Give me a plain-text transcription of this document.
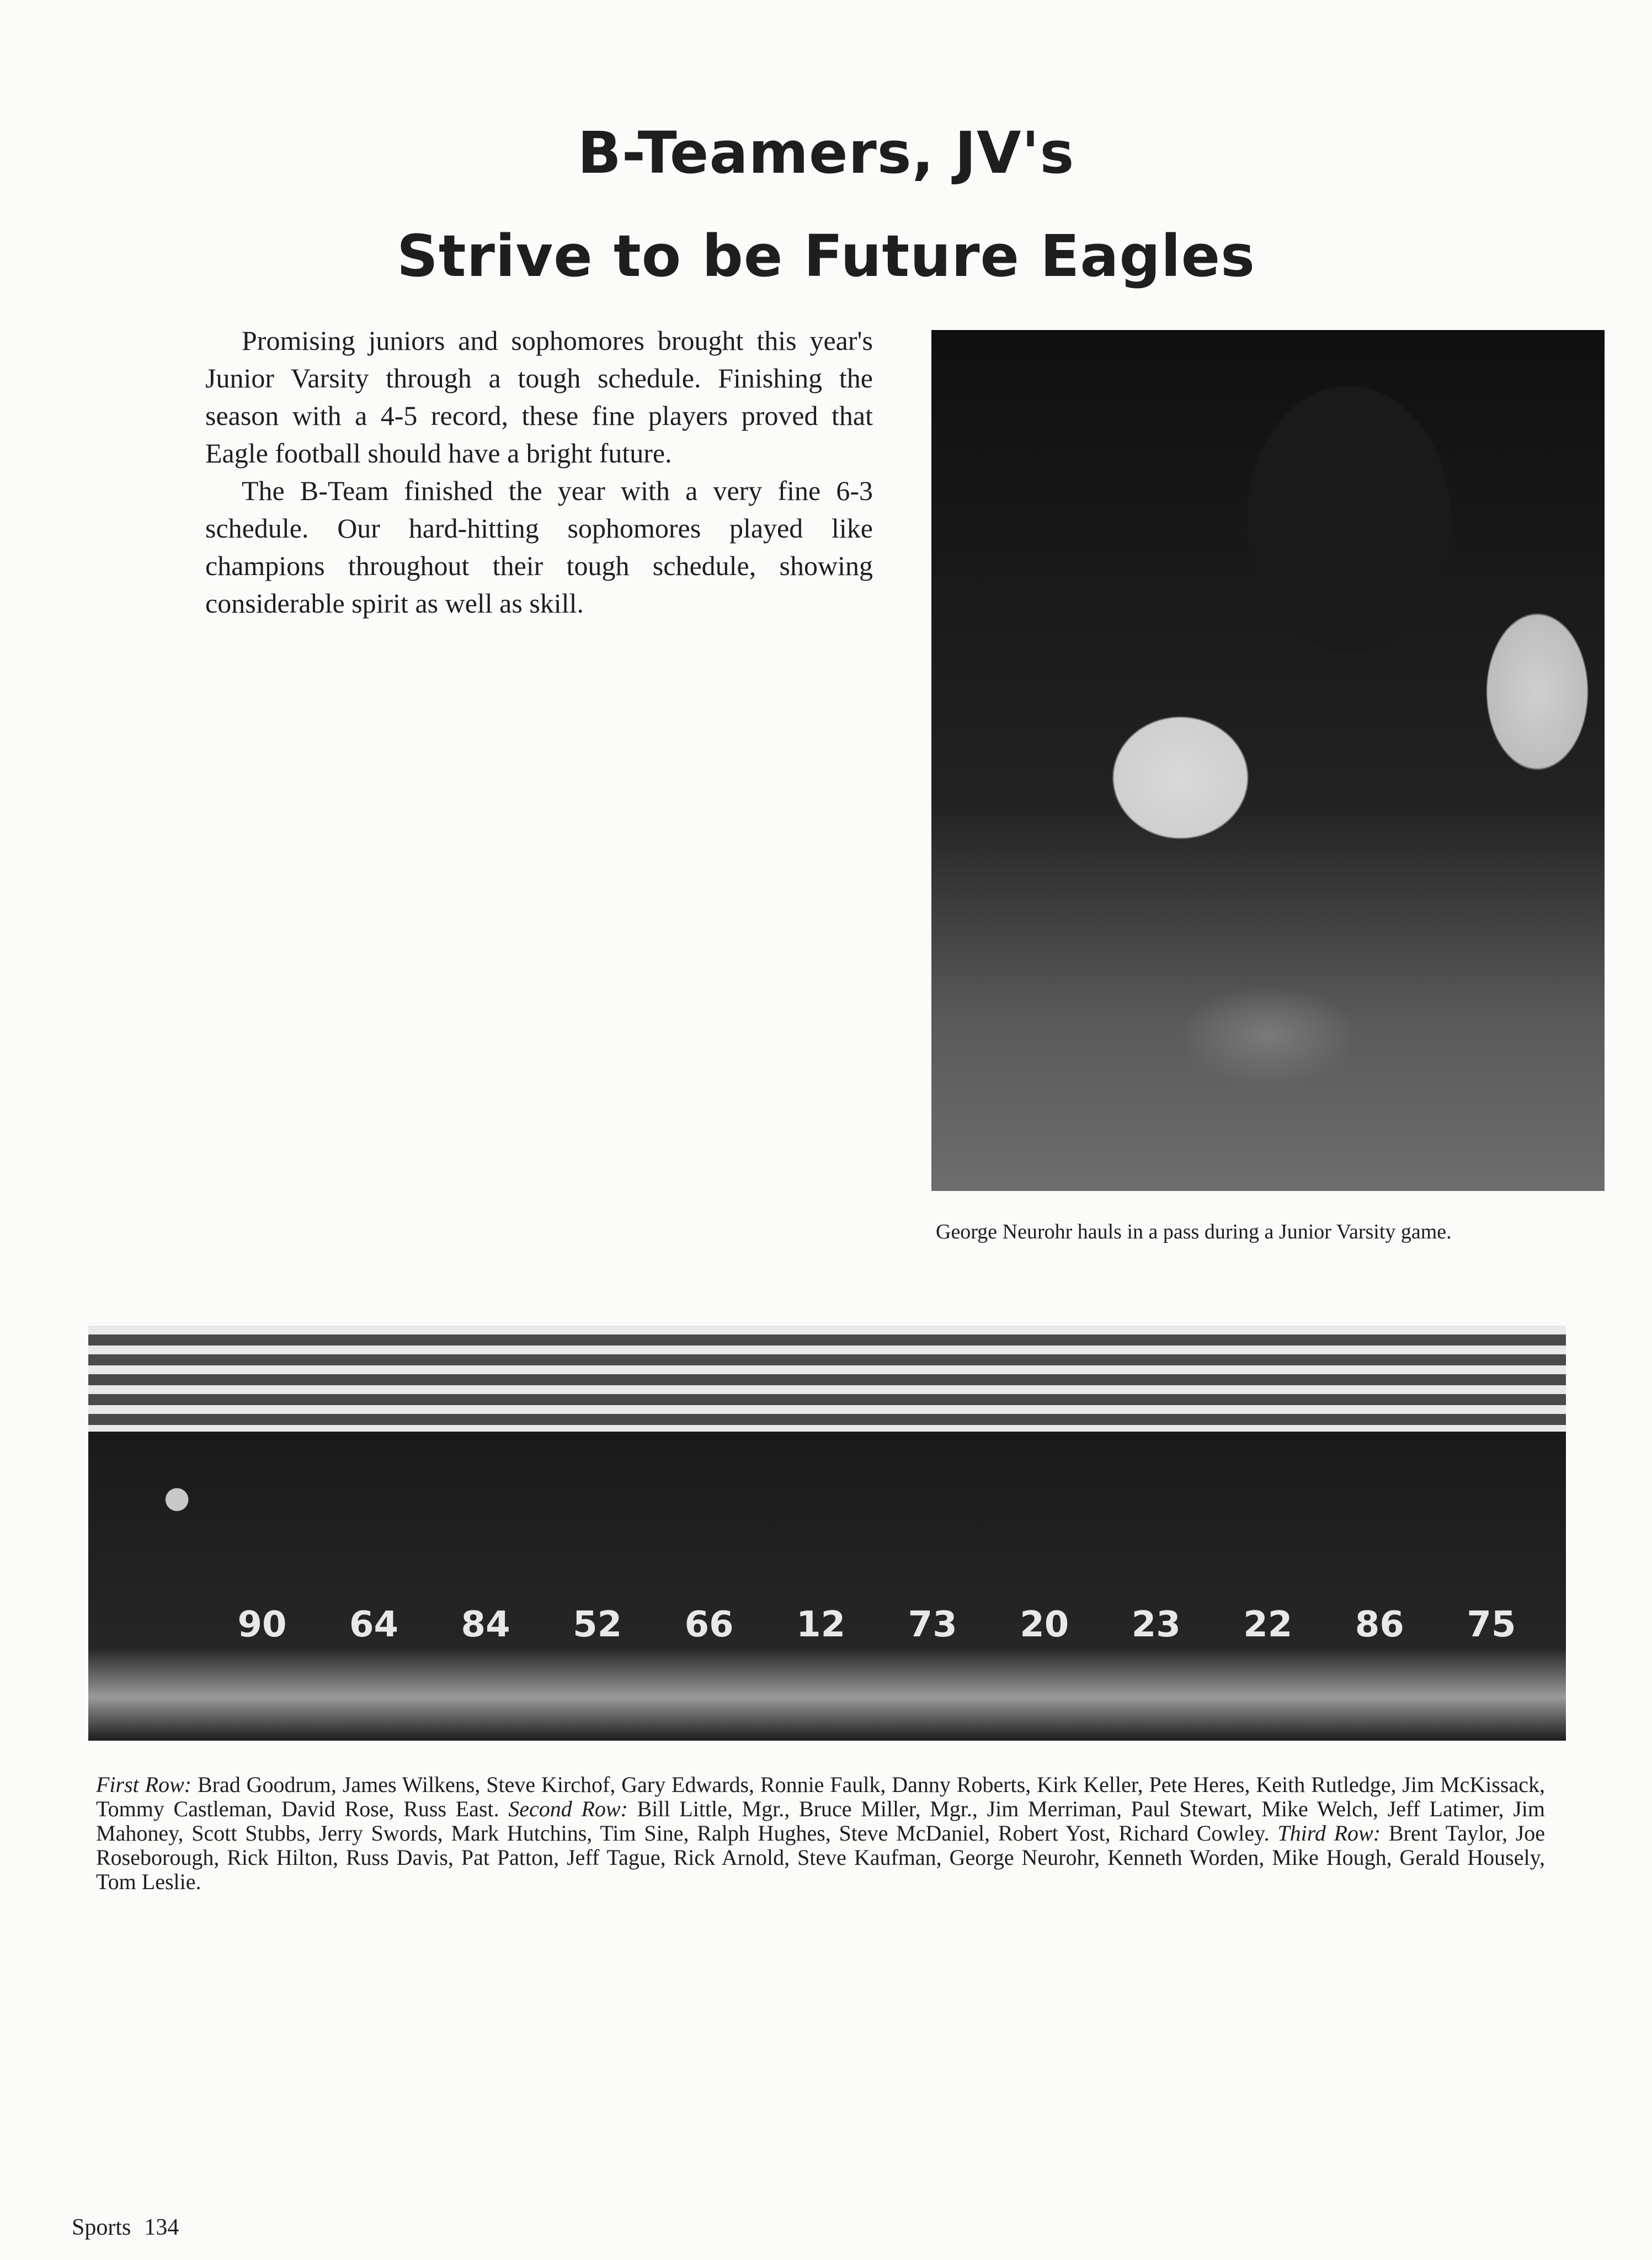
B-Teamers, JV's
Strive to be Future Eagles

Promising juniors and sophomores brought this year's Junior Varsity through a tough schedule. Finishing the season with a 4-5 record, these fine players proved that Eagle football should have a bright future.

The B-Team finished the year with a very fine 6-3 schedule. Our hard-hitting sophomores played like champions throughout their tough schedule, showing considerable spirit as well as skill.

George Neurohr hauls in a pass during a Junior Varsity game.

90	64	84	52	66	12	73	20	23	22	86	75

First Row: Brad Goodrum, James Wilkens, Steve Kirchof, Gary Edwards, Ronnie Faulk, Danny Roberts, Kirk Keller, Pete Heres, Keith Rutledge, Jim McKissack, Tommy Castleman, David Rose, Russ East. Second Row: Bill Little, Mgr., Bruce Miller, Mgr., Jim Merriman, Paul Stewart, Mike Welch, Jeff Latimer, Jim Mahoney, Scott Stubbs, Jerry Swords, Mark Hutchins, Tim Sine, Ralph Hughes, Steve McDaniel, Robert Yost, Richard Cowley. Third Row: Brent Taylor, Joe Roseborough, Rick Hilton, Russ Davis, Pat Patton, Jeff Tague, Rick Arnold, Steve Kaufman, George Neurohr, Kenneth Worden, Mike Hough, Gerald Housely, Tom Leslie.

Sports 134
